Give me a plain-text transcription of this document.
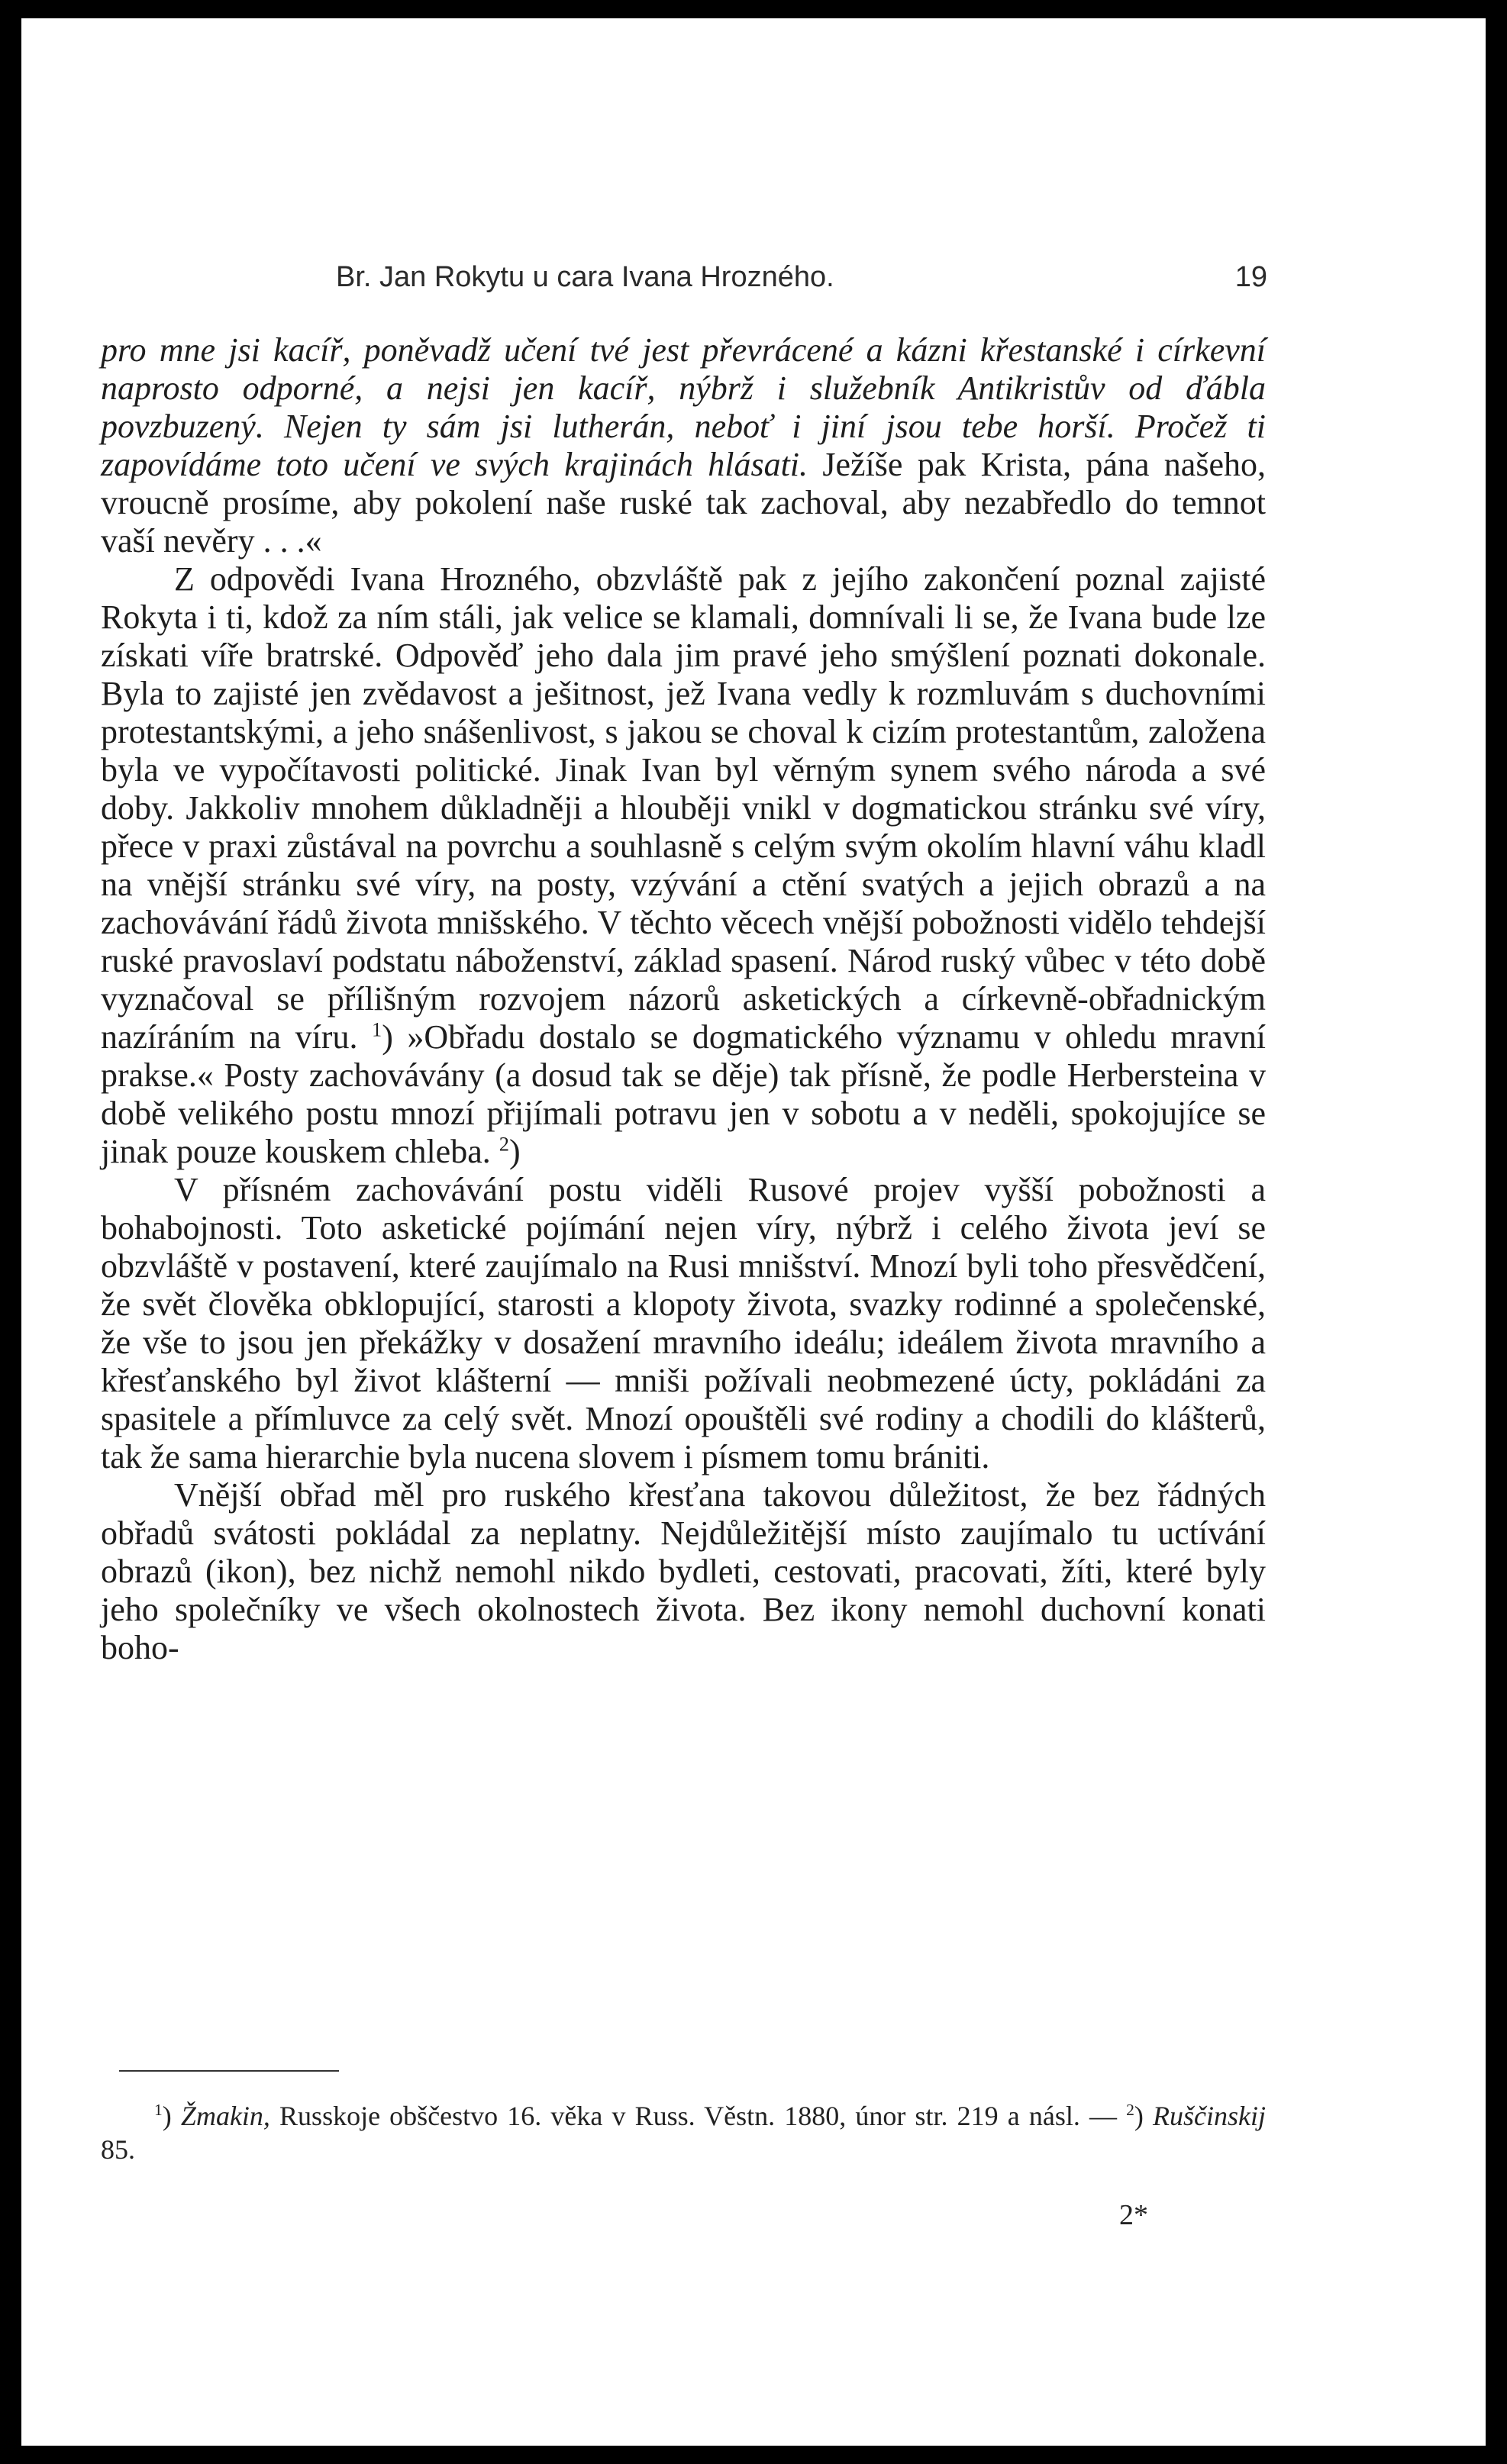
Br. Jan Rokytu u cara Ivana Hrozného.	19

pro mne jsi kacíř, poněvadž učení tvé jest převrácené a kázni křestanské i církevní naprosto odporné, a nejsi jen kacíř, nýbrž i služebník Antikristův od ďábla povzbuzený. Nejen ty sám jsi lutherán, neboť i jiní jsou tebe horší. Pročež ti zapovídáme toto učení ve svých krajinách hlásati. Ježíše pak Krista, pána našeho, vroucně prosíme, aby pokolení naše ruské tak zachoval, aby nezabředlo do temnot vaší nevěry . . .«

Z odpovědi Ivana Hrozného, obzvláště pak z jejího zakončení poznal zajisté Rokyta i ti, kdož za ním stáli, jak velice se klamali, domnívali li se, že Ivana bude lze získati víře bratrské. Odpověď jeho dala jim pravé jeho smýšlení poznati dokonale. Byla to zajisté jen zvědavost a ješitnost, jež Ivana vedly k rozmluvám s duchovními protestantskými, a jeho snášenlivost, s jakou se choval k cizím protestantům, založena byla ve vypočítavosti politické. Jinak Ivan byl věrným synem svého národa a své doby. Jakkoliv mnohem důkladněji a hlouběji vnikl v dogmatickou stránku své víry, přece v praxi zůstával na povrchu a souhlasně s celým svým okolím hlavní váhu kladl na vnější stránku své víry, na posty, vzývání a ctění svatých a jejich obrazů a na zachovávání řádů života mnišského. V těchto věcech vnější pobožnosti vidělo tehdejší ruské pravoslaví podstatu náboženství, základ spasení. Národ ruský vůbec v této době vyznačoval se přílišným rozvojem názorů asketických a církevně-obřadnickým nazíráním na víru. $^1$) »Obřadu dostalo se dogmatického významu v ohledu mravní prakse.« Posty zachovávány (a dosud tak se děje) tak přísně, že podle Herbersteina v době velikého postu mnozí přijímali potravu jen v sobotu a v neděli, spokojujíce se jinak pouze kouskem chleba. $^2$)

V přísném zachovávání postu viděli Rusové projev vyšší pobožnosti a bohabojnosti. Toto asketické pojímání nejen víry, nýbrž i celého života jeví se obzvláště v postavení, které zaujímalo na Rusi mnišství. Mnozí byli toho přesvědčení, že svět člověka obklopující, starosti a klopoty života, svazky rodinné a společenské, že vše to jsou jen překážky v dosažení mravního ideálu; ideálem života mravního a křesťanského byl život klášterní — mniši požívali neobmezené úcty, pokládáni za spasitele a přímluvce za celý svět. Mnozí opouštěli své rodiny a chodili do klášterů, tak že sama hierarchie byla nucena slovem i písmem tomu brániti.

Vnější obřad měl pro ruského křesťana takovou důležitost, že bez řádných obřadů svátosti pokládal za neplatny. Nejdůležitější místo zaujímalo tu uctívání obrazů (ikon), bez nichž nemohl nikdo bydleti, cestovati, pracovati, žíti, které byly jeho společníky ve všech okolnostech života. Bez ikony nemohl duchovní konati boho-

$^1$) Žmakin, Russkoje obščestvo 16. věka v Russ. Věstn. 1880, únor str. 219 a násl. — $^2$) Ruščinskij 85.

2*
